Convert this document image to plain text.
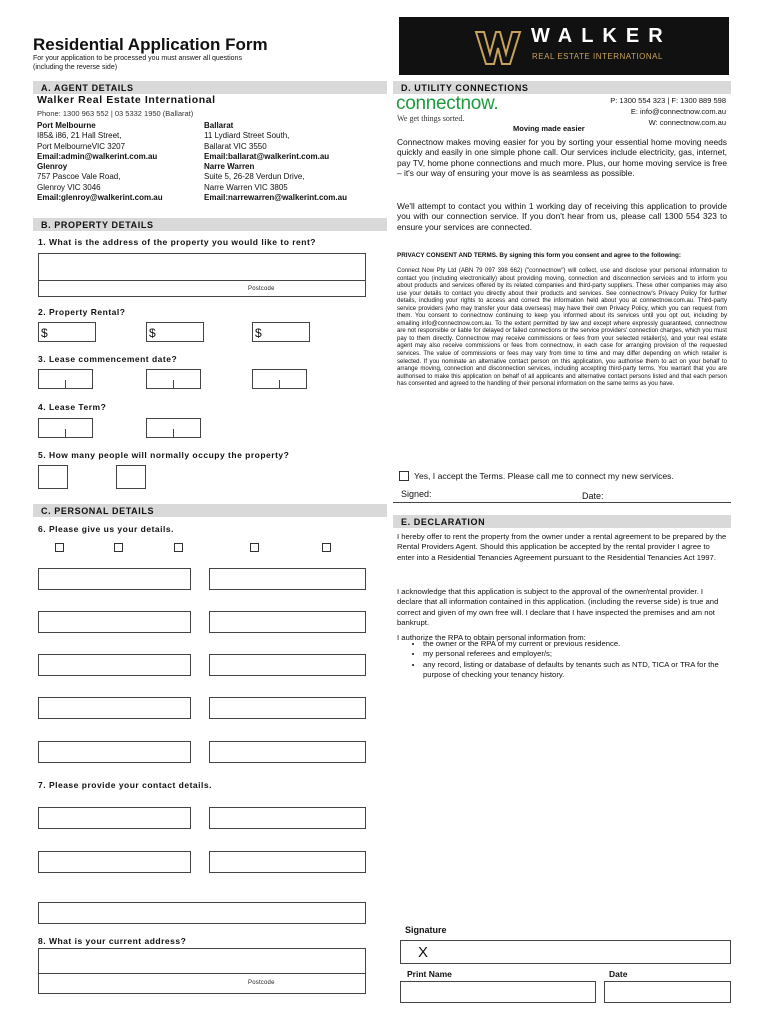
Residential Application Form
For your application to be processed you must answer all questions
(including the reverse side)
WALKER
REAL ESTATE INTERNATIONAL
A. AGENT DETAILS
Walker Real Estate International
Phone: 1300 963 552 | 03 5332 1950 (Ballarat)
Port Melbourne
I85& i86, 21 Hall Street,
Port MelbourneVIC 3207
Email:admin@walkerint.com.au
Glenroy
757 Pascoe Vale Road,
Glenroy VIC 3046
Email:glenroy@walkerint.com.au
Ballarat
11 Lydiard Street South,
Ballarat VIC 3550
Email:ballarat@walkerint.com.au
Narre Warren
Suite 5, 26-28 Verdun Drive,
Narre Warren VIC 3805
Email:narrewarren@walkerint.com.au
B. PROPERTY DETAILS
1. What is the address of the property you would like to rent?
Postcode
2. Property Rental?
$	$	$
3. Lease commencement date?
4. Lease Term?
5. How many people will normally occupy the property?
C. PERSONAL DETAILS
6. Please give us your details.
7. Please provide your contact details.
8. What is your current address?
Postcode
D. UTILITY CONNECTIONS
connectnow.
We get things sorted.
P: 1300 554 323 | F: 1300 889 598
E: info@connectnow.com.au
W: connectnow.com.au
Moving made easier
Connectnow makes moving easier for you by sorting your essential home moving needs quickly and easily in one simple phone call. Our services include electricity, gas, internet, pay TV, home phone connections and much more. Plus, our home moving service is free – it's our way of ensuring your move is as seamless as possible.
We'll attempt to contact you within 1 working day of receiving this application to provide you with our connection service. If you don't hear from us, please call 1300 554 323 to ensure your services are connected.
PRIVACY CONSENT AND TERMS. By signing this form you consent and agree to the following:
Connect Now Pty Ltd (ABN 79 097 398 662) ("connectnow") will collect, use and disclose your personal information to contact you (including electronically) about providing moving, connection and disconnection services and to inform you about products and services offered by its related companies and third-party suppliers. These other companies may also use your details to contact you directly about their products and services. See connectnow's Privacy Policy for further details, including your rights to access and correct the information held about you at connectnow.com.au. Third-party service providers (who may transfer your data overseas) may have their own Privacy Policy, which you can request from them. You consent to connectnow continuing to keep you informed about its services until you opt out, including by emailing info@connectnow.com.au. To the extent permitted by law and except where expressly guaranteed, connectnow are not responsible or liable for delayed or failed connections or the service providers' connection charges, which you must pay to them directly. Connectnow may receive commissions or fees from your selected retailer(s), and your real estate agent may also receive commissions or fees from connectnow, in each case for arranging provision of the requested services. The value of commissions or fees may vary from time to time and may differ depending on which retailer is selected. If you nominate an alternative contact person on this application, you authorise them to act on your behalf to arrange moving, connection and disconnection services, including accepting third-party terms. You warrant that you are authorised to make this application on behalf of all applicants and alternative contact persons listed and that each person has consented and agreed to the handling of their personal information on the same terms as you have.
Yes, I accept the Terms. Please call me to connect my new services.
Signed:	Date:
E. DECLARATION
I hereby offer to rent the property from the owner under a rental agreement to be prepared by the Rental Providers Agent. Should this application be accepted by the rental provider I agree to enter into a Residential Tenancies Agreement pursuant to the Residential Tenancies Act 1997.
I acknowledge that this application is subject to the approval of the owner/rental provider. I declare that all information contained in this application. (including the reverse side) is true and correct and given of my own free will. I declare that I have inspected the premises and am not bankrupt.
I authorize the RPA to obtain personal information from:
• the owner or the RPA of my current or previous residence.
• my personal referees and employer/s;
• any record, listing or database of defaults by tenants such as NTD, TICA or TRA for the purpose of checking your tenancy history.
Signature
X
Print Name	Date
